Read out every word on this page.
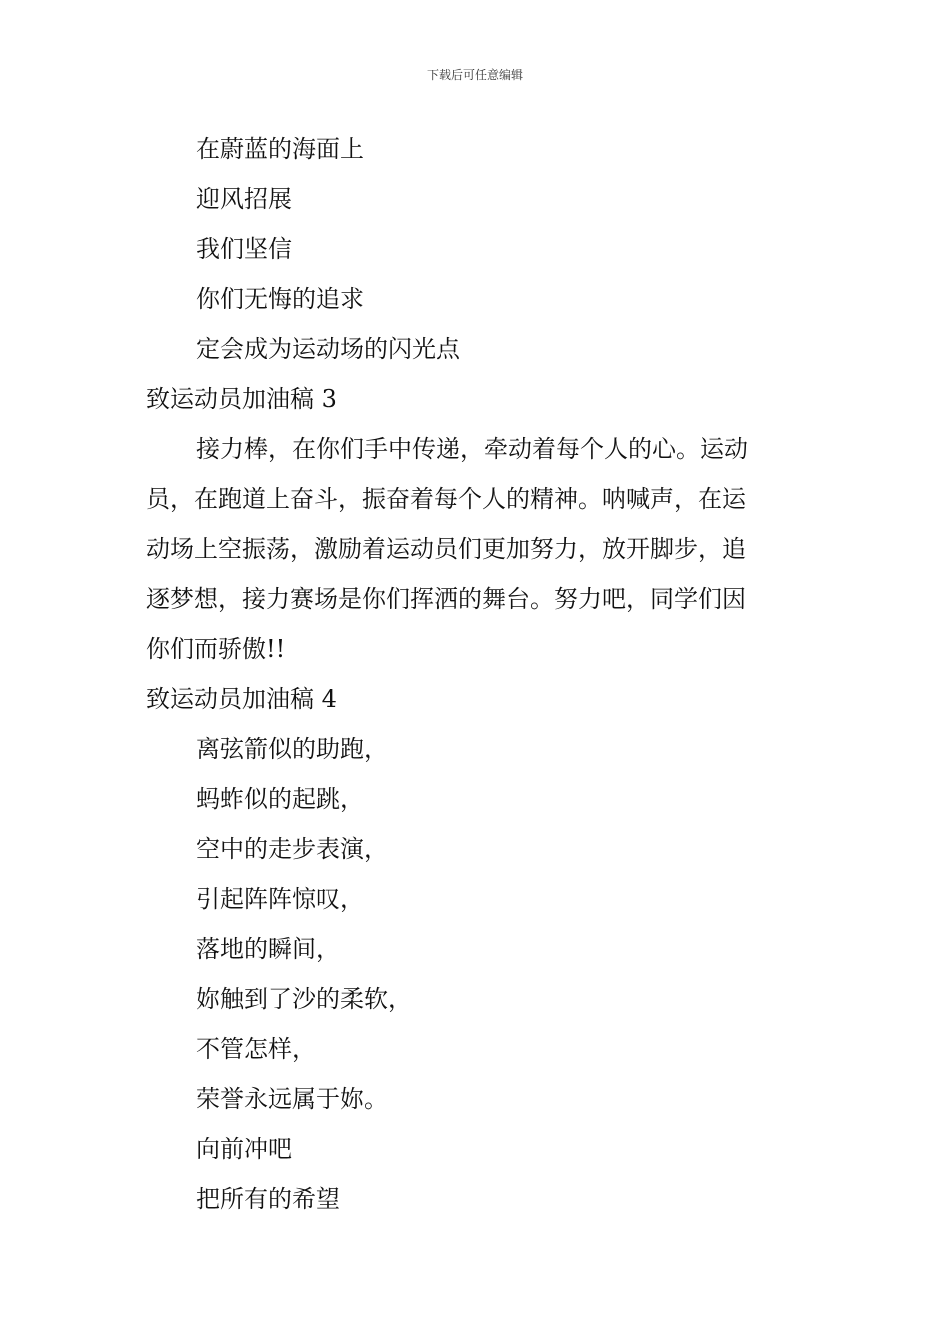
下载后可任意编辑
在蔚蓝的海面上
迎风招展
我们坚信
你们无悔的追求
定会成为运动场的闪光点
致运动员加油稿 3
接力棒，在你们手中传递，牵动着每个人的心。运动
员，在跑道上奋斗，振奋着每个人的精神。呐喊声，在运
动场上空振荡，激励着运动员们更加努力，放开脚步，追
逐梦想，接力赛场是你们挥洒的舞台。努力吧，同学们因
你们而骄傲!!
致运动员加油稿 4
离弦箭似的助跑，
蚂蚱似的起跳，
空中的走步表演，
引起阵阵惊叹，
落地的瞬间，
妳触到了沙的柔软，
不管怎样，
荣誉永远属于妳。
向前冲吧
把所有的希望
